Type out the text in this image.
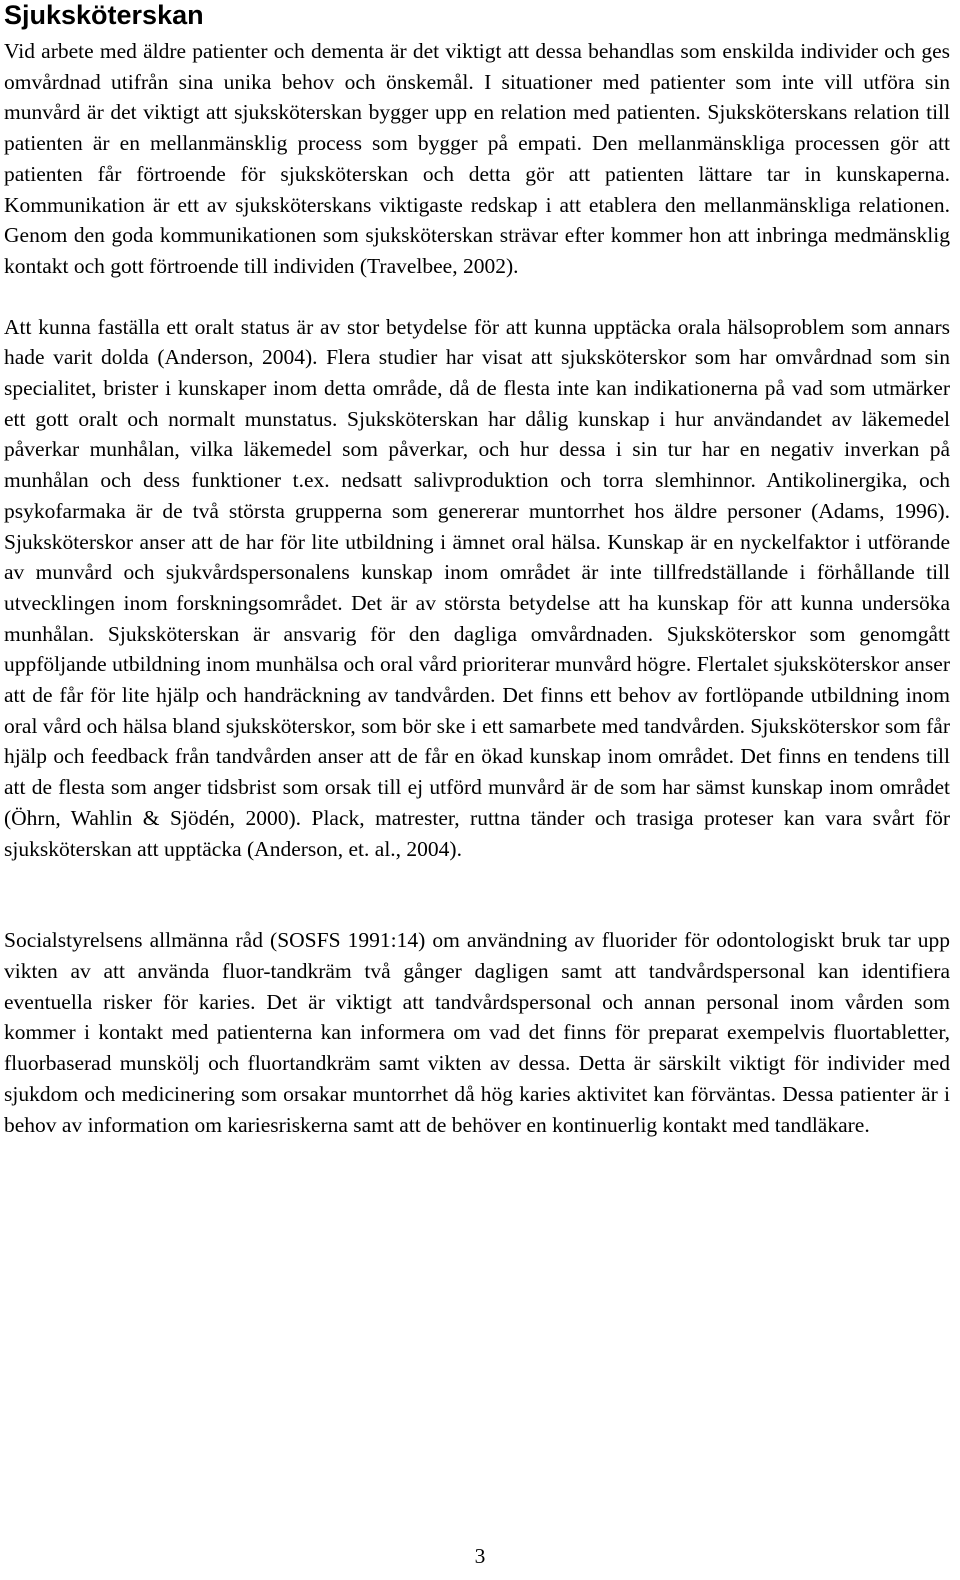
Sjuksköterskan

Vid arbete med äldre patienter och dementa är det viktigt att dessa behandlas som enskilda individer och ges omvårdnad utifrån sina unika behov och önskemål. I situationer med patienter som inte vill utföra sin munvård är det viktigt att sjuksköterskan bygger upp en relation med patienten. Sjuksköterskans relation till patienten är en mellanmänsklig process som bygger på empati. Den mellanmänskliga processen gör att patienten får förtroende för sjuksköterskan och detta gör att patienten lättare tar in kunskaperna. Kommunikation är ett av sjuksköterskans viktigaste redskap i att etablera den mellanmänskliga relationen. Genom den goda kommunikationen som sjuksköterskan strävar efter kommer hon att inbringa medmänsklig kontakt och gott förtroende till individen (Travelbee, 2002).

Att kunna faställa ett oralt status är av stor betydelse för att kunna upptäcka orala hälsoproblem som annars hade varit dolda (Anderson, 2004). Flera studier har visat att sjuksköterskor som har omvårdnad som sin specialitet, brister i kunskaper inom detta område, då de flesta inte kan indikationerna på vad som utmärker ett gott oralt och normalt munstatus. Sjuksköterskan har dålig kunskap i hur användandet av läkemedel påverkar munhålan, vilka läkemedel som påverkar, och hur dessa i sin tur har en negativ inverkan på munhålan och dess funktioner t.ex. nedsatt salivproduktion och torra slemhinnor. Antikolinergika, och psykofarmaka är de två största grupperna som genererar muntorrhet hos äldre personer (Adams, 1996). Sjuksköterskor anser att de har för lite utbildning i ämnet oral hälsa. Kunskap är en nyckelfaktor i utförande av munvård och sjukvårdspersonalens kunskap inom området är inte tillfredställande i förhållande till utvecklingen inom forskningsområdet. Det är av största betydelse att ha kunskap för att kunna undersöka munhålan. Sjuksköterskan är ansvarig för den dagliga omvårdnaden. Sjuksköterskor som genomgått uppföljande utbildning inom munhälsa och oral vård prioriterar munvård högre. Flertalet sjuksköterskor anser att de får för lite hjälp och handräckning av tandvården. Det finns ett behov av fortlöpande utbildning inom oral vård och hälsa bland sjuksköterskor, som bör ske i ett samarbete med tandvården. Sjuksköterskor som får hjälp och feedback från tandvården anser att de får en ökad kunskap inom området. Det finns en tendens till att de flesta som anger tidsbrist som orsak till ej utförd munvård är de som har sämst kunskap inom området (Öhrn, Wahlin & Sjödén, 2000). Plack, matrester, ruttna tänder och trasiga proteser kan vara svårt för sjuksköterskan att upptäcka (Anderson, et. al., 2004).

Socialstyrelsens allmänna råd (SOSFS 1991:14) om användning av fluorider för odontologiskt bruk tar upp vikten av att använda fluor-tandkräm två gånger dagligen samt att tandvårdspersonal kan identifiera eventuella risker för karies. Det är viktigt att tandvårdspersonal och annan personal inom vården som kommer i kontakt med patienterna kan informera om vad det finns för preparat exempelvis fluortabletter, fluorbaserad munskölj och fluortandkräm samt vikten av dessa. Detta är särskilt viktigt för individer med sjukdom och medicinering som orsakar muntorrhet då hög karies aktivitet kan förväntas. Dessa patienter är i behov av information om kariesriskerna samt att de behöver en kontinuerlig kontakt med tandläkare.

3
